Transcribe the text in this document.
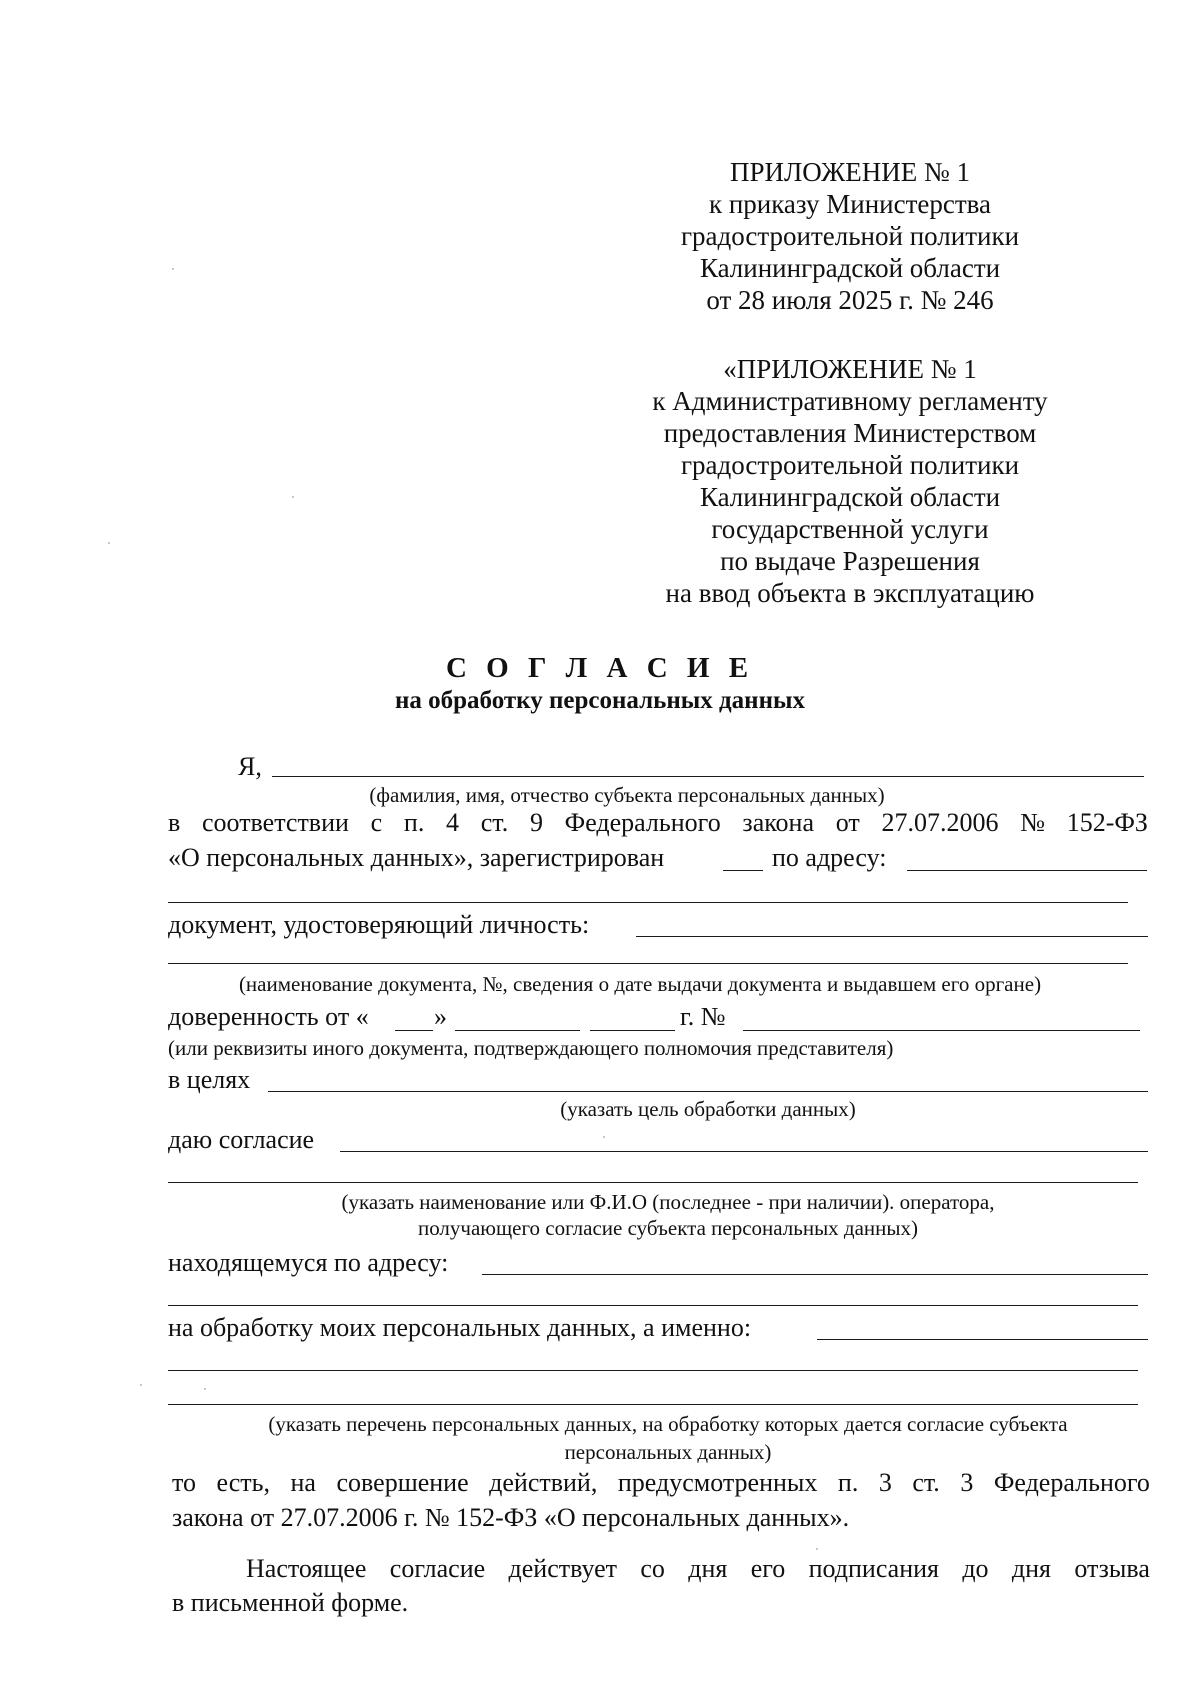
ПРИЛОЖЕНИЕ № 1
к приказу Министерства
градостроительной политики
Калининградской области
от 28 июля 2025 г. № 246
«ПРИЛОЖЕНИЕ № 1
к Административному регламенту
предоставления Министерством
градостроительной политики
Калининградской области
государственной услуги
по выдаче Разрешения
на ввод объекта в эксплуатацию
С О Г Л А С И Е
на обработку персональных данных
Я,
(фамилия, имя, отчество субъекта персональных данных)
в соответствии с п. 4 ст. 9 Федерального закона от 27.07.2006 № 152-ФЗ
«О персональных данных», зарегистрирован	по адресу:
документ, удостоверяющий личность:
(наименование документа, №, сведения о дате выдачи документа и выдавшем его органе)
доверенность от «	»	г. №
(или реквизиты иного документа, подтверждающего полномочия представителя)
в целях
(указать цель обработки данных)
даю согласие
(указать наименование или Ф.И.О (последнее - при наличии). оператора,
получающего согласие субъекта персональных данных)
находящемуся по адресу:
на обработку моих персональных данных, а именно:
(указать перечень персональных данных, на обработку которых дается согласие субъекта
персональных данных)
то есть, на совершение действий, предусмотренных п. 3 ст. 3 Федерального
закона от 27.07.2006 г. № 152-ФЗ «О персональных данных».
Настоящее согласие действует со дня его подписания до дня отзыва
в письменной форме.
